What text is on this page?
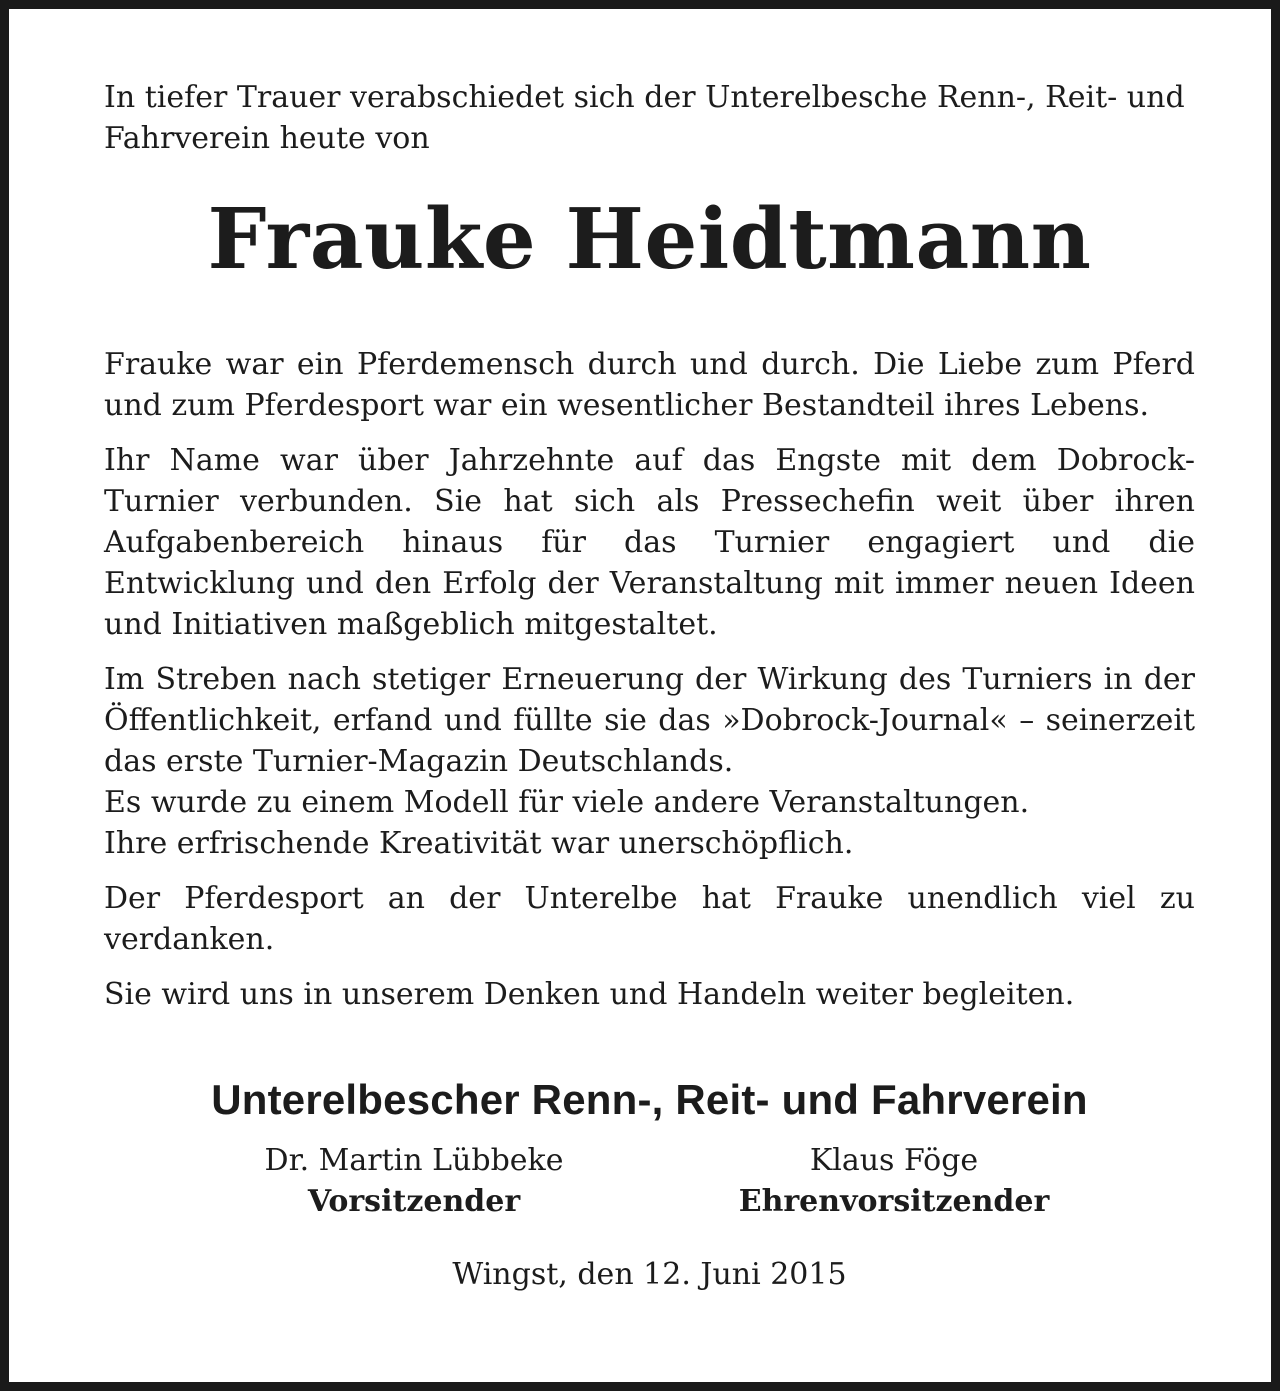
In tiefer Trauer verabschiedet sich der Unterelbesche Renn-, Reit- und Fahrverein heute von

Frauke Heidtmann

Frauke war ein Pferdemensch durch und durch. Die Liebe zum Pferd und zum Pferdesport war ein wesentlicher Bestandteil ihres Lebens.

Ihr Name war über Jahrzehnte auf das Engste mit dem Dobrock-Turnier verbunden. Sie hat sich als Pressechefin weit über ihren Aufgabenbereich hinaus für das Turnier engagiert und die Entwicklung und den Erfolg der Veranstaltung mit immer neuen Ideen und Initiativen maßgeblich mitgestaltet.

Im Streben nach stetiger Erneuerung der Wirkung des Turniers in der Öffentlichkeit, erfand und füllte sie das »Dobrock-Journal« – seinerzeit das erste Turnier-Magazin Deutschlands.
Es wurde zu einem Modell für viele andere Veranstaltungen.
Ihre erfrischende Kreativität war unerschöpflich.

Der Pferdesport an der Unterelbe hat Frauke unendlich viel zu verdanken.

Sie wird uns in unserem Denken und Handeln weiter begleiten.

Unterelbescher Renn-, Reit- und Fahrverein
Dr. Martin Lübbeke
Vorsitzender
Klaus Föge
Ehrenvorsitzender
Wingst, den 12. Juni 2015
